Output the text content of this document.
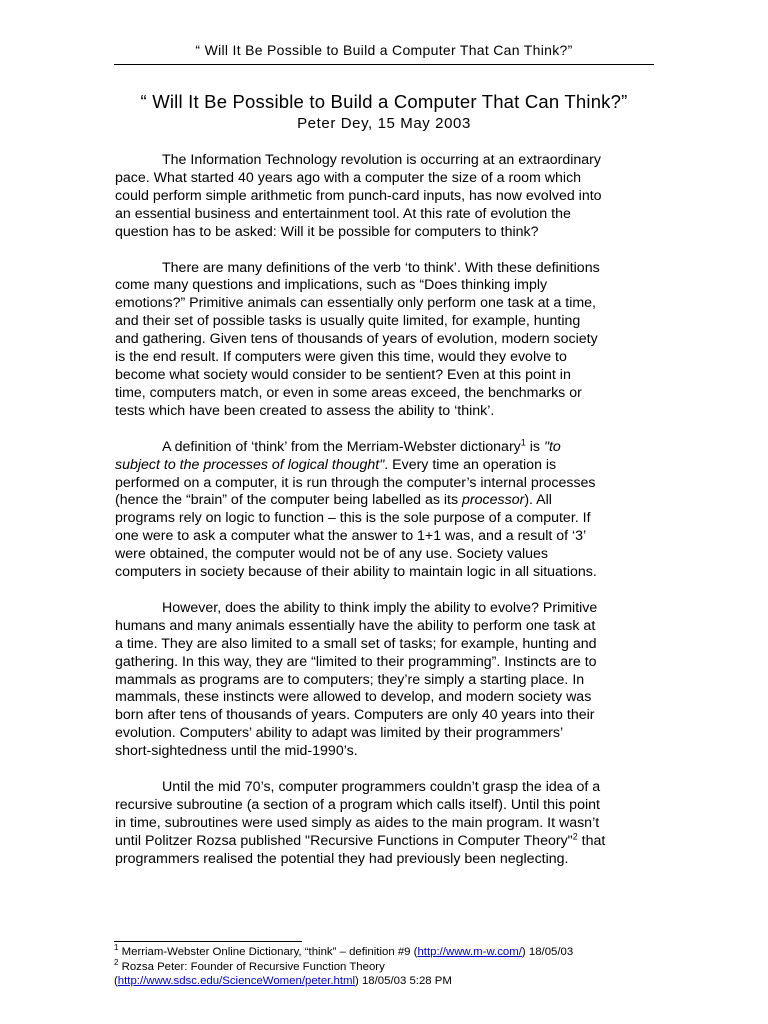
“ Will It Be Possible to Build a Computer That Can Think?”
“ Will It Be Possible to Build a Computer That Can Think?”
Peter Dey, 15 May 2003

The Information Technology revolution is occurring at an extraordinary
pace. What started 40 years ago with a computer the size of a room which
could perform simple arithmetic from punch-card inputs, has now evolved into
an essential business and entertainment tool. At this rate of evolution the
question has to be asked: Will it be possible for computers to think?

There are many definitions of the verb ‘to think’. With these definitions
come many questions and implications, such as “Does thinking imply
emotions?” Primitive animals can essentially only perform one task at a time,
and their set of possible tasks is usually quite limited, for example, hunting
and gathering. Given tens of thousands of years of evolution, modern society
is the end result. If computers were given this time, would they evolve to
become what society would consider to be sentient? Even at this point in
time, computers match, or even in some areas exceed, the benchmarks or
tests which have been created to assess the ability to ‘think’.

A definition of ‘think’ from the Merriam-Webster dictionary$^1$ is "to
subject to the processes of logical thought". Every time an operation is
performed on a computer, it is run through the computer’s internal processes
(hence the “brain” of the computer being labelled as its processor). All
programs rely on logic to function – this is the sole purpose of a computer. If
one were to ask a computer what the answer to 1+1 was, and a result of ‘3’
were obtained, the computer would not be of any use. Society values
computers in society because of their ability to maintain logic in all situations.

However, does the ability to think imply the ability to evolve? Primitive
humans and many animals essentially have the ability to perform one task at
a time. They are also limited to a small set of tasks; for example, hunting and
gathering. In this way, they are “limited to their programming”. Instincts are to
mammals as programs are to computers; they’re simply a starting place. In
mammals, these instincts were allowed to develop, and modern society was
born after tens of thousands of years. Computers are only 40 years into their
evolution. Computers’ ability to adapt was limited by their programmers’
short-sightedness until the mid-1990’s.

Until the mid 70’s, computer programmers couldn’t grasp the idea of a
recursive subroutine (a section of a program which calls itself). Until this point
in time, subroutines were used simply as aides to the main program. It wasn’t
until Politzer Rozsa published "Recursive Functions in Computer Theory"$^2$ that
programmers realised the potential they had previously been neglecting.

$^1$ Merriam-Webster Online Dictionary, “think” – definition #9 (http://www.m-w.com/) 18/05/03

$^2$ Rozsa Peter: Founder of Recursive Function Theory
(http://www.sdsc.edu/ScienceWomen/peter.html) 18/05/03 5:28 PM
